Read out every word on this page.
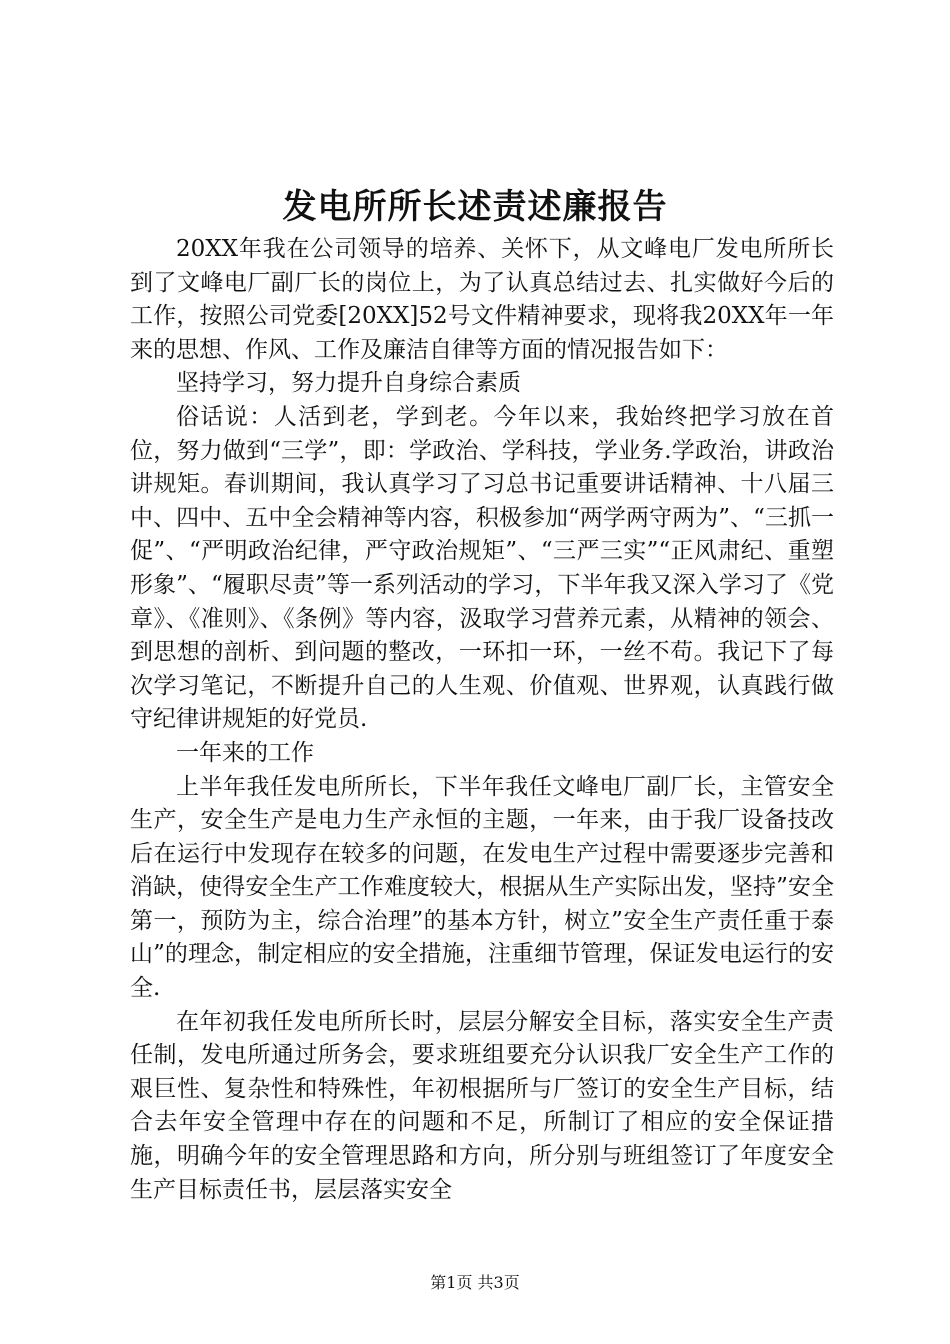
发电所所长述责述廉报告

20XX年我在公司领导的培养、关怀下，从文峰电厂发电所所长到了文峰电厂副厂长的岗位上，为了认真总结过去、扎实做好今后的工作，按照公司党委[20XX]52号文件精神要求，现将我20XX年一年来的思想、作风、工作及廉洁自律等方面的情况报告如下：

坚持学习，努力提升自身综合素质

俗话说：人活到老，学到老。今年以来，我始终把学习放在首位，努力做到“三学”，即：学政治、学科技，学业务.学政治，讲政治讲规矩。春训期间，我认真学习了习总书记重要讲话精神、十八届三中、四中、五中全会精神等内容，积极参加“两学两守两为”、“三抓一促”、“严明政治纪律，严守政治规矩”、“三严三实”“正风肃纪、重塑形象”、“履职尽责”等一系列活动的学习，下半年我又深入学习了《党章》、《准则》、《条例》等内容，汲取学习营养元素，从精神的领会、到思想的剖析、到问题的整改，一环扣一环，一丝不苟。我记下了每次学习笔记，不断提升自己的人生观、价值观、世界观，认真践行做守纪律讲规矩的好党员.

一年来的工作

上半年我任发电所所长，下半年我任文峰电厂副厂长，主管安全生产，安全生产是电力生产永恒的主题，一年来，由于我厂设备技改后在运行中发现存在较多的问题，在发电生产过程中需要逐步完善和消缺，使得安全生产工作难度较大，根据从生产实际出发，坚持”安全第一，预防为主，综合治理”的基本方针，树立”安全生产责任重于泰山”的理念，制定相应的安全措施，注重细节管理，保证发电运行的安全.

在年初我任发电所所长时，层层分解安全目标，落实安全生产责任制，发电所通过所务会，要求班组要充分认识我厂安全生产工作的艰巨性、复杂性和特殊性，年初根据所与厂签订的安全生产目标，结合去年安全管理中存在的问题和不足，所制订了相应的安全保证措施，明确今年的安全管理思路和方向，所分别与班组签订了年度安全生产目标责任书，层层落实安全

第1页 共3页
